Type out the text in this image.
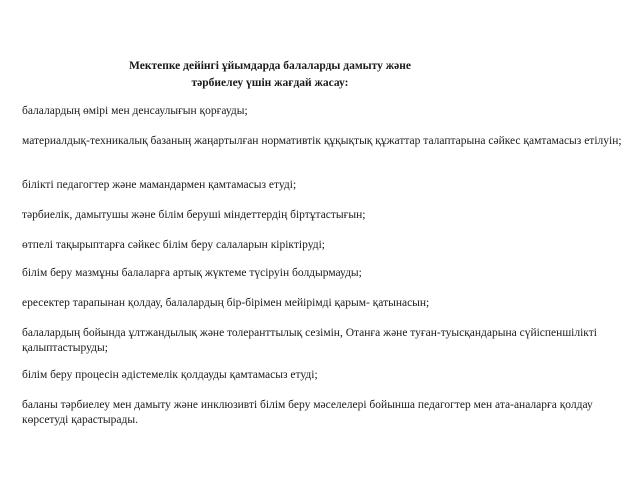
Мектепке дейінгі ұйымдарда балаларды дамыту және
тәрбиелеу үшін жағдай жасау:
балалардың өмірі мен денсаулығын қорғауды;
материалдық-техникалық базаның жаңартылған нормативтік құқықтық құжаттар талаптарына сәйкес қамтамасыз етілуін;
білікті педагогтер және мамандармен қамтамасыз етуді;
тәрбиелік, дамытушы және білім беруші міндеттердің біртұтастығын;
өтпелі тақырыптарға сәйкес білім беру салаларын кіріктіруді;
білім беру мазмұны балаларға артық жүктеме түсіруін болдырмауды;
ересектер тарапынан қолдау, балалардың бір-бірімен мейірімді қарым- қатынасын;
балалардың бойында ұлтжандылық және толеранттылық сезімін, Отанға және туған-туысқандарына сүйіспеншілікті қалыптастыруды;
білім беру процесін әдістемелік қолдауды қамтамасыз етуді;
баланы тәрбиелеу мен дамыту және инклюзивті білім беру мәселелері бойынша педагогтер мен ата-аналарға қолдау көрсетуді қарастырады.
